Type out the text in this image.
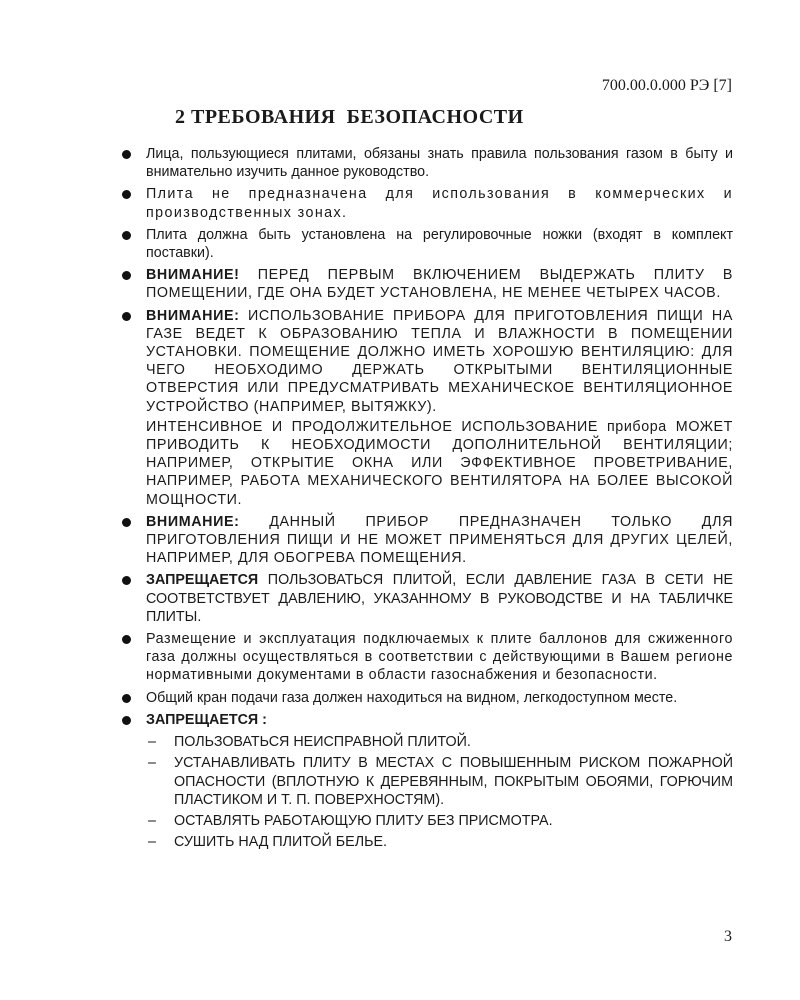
700.00.0.000 РЭ [7]
2 ТРЕБОВАНИЯ  БЕЗОПАСНОСТИ
Лица, пользующиеся плитами, обязаны знать правила пользования газом в быту и внимательно изучить данное руководство.
Плита не предназначена для использования в коммерческих и производственных зонах.
Плита должна быть установлена на регулировочные ножки (входят в комплект поставки).
ВНИМАНИЕ! ПЕРЕД ПЕРВЫМ ВКЛЮЧЕНИЕМ ВЫДЕРЖАТЬ ПЛИТУ В ПОМЕЩЕНИИ, ГДЕ ОНА БУДЕТ УСТАНОВЛЕНА, НЕ МЕНЕЕ ЧЕТЫРЕХ ЧАСОВ.
ВНИМАНИЕ: ИСПОЛЬЗОВАНИЕ ПРИБОРА ДЛЯ ПРИГОТОВЛЕНИЯ ПИЩИ НА ГАЗЕ ВЕДЕТ К ОБРАЗОВАНИЮ ТЕПЛА И ВЛАЖНОСТИ В ПОМЕЩЕНИИ УСТАНОВКИ. ПОМЕЩЕНИЕ ДОЛЖНО ИМЕТЬ ХОРОШУЮ ВЕНТИЛЯЦИЮ: ДЛЯ ЧЕГО НЕОБХОДИМО ДЕРЖАТЬ ОТКРЫТЫМИ ВЕНТИЛЯЦИОННЫЕ ОТВЕРСТИЯ ИЛИ ПРЕДУСМАТРИВАТЬ МЕХАНИЧЕСКОЕ ВЕНТИЛЯЦИОННОЕ УСТРОЙСТВО (НАПРИМЕР, ВЫТЯЖКУ).
ИНТЕНСИВНОЕ И ПРОДОЛЖИТЕЛЬНОЕ ИСПОЛЬЗОВАНИЕ прибора МОЖЕТ ПРИВОДИТЬ К НЕОБХОДИМОСТИ ДОПОЛНИТЕЛЬНОЙ ВЕНТИЛЯЦИИ; НАПРИМЕР, ОТКРЫТИЕ ОКНА ИЛИ ЭФФЕКТИВНОЕ ПРОВЕТРИВАНИЕ, НАПРИМЕР, РАБОТА МЕХАНИЧЕСКОГО ВЕНТИЛЯТОРА НА БОЛЕЕ ВЫСОКОЙ МОЩНОСТИ.
ВНИМАНИЕ: ДАННЫЙ ПРИБОР ПРЕДНАЗНАЧЕН ТОЛЬКО ДЛЯ ПРИГОТОВЛЕНИЯ ПИЩИ И НЕ МОЖЕТ ПРИМЕНЯТЬСЯ ДЛЯ ДРУГИХ ЦЕЛЕЙ, НАПРИМЕР, ДЛЯ ОБОГРЕВА ПОМЕЩЕНИЯ.
ЗАПРЕЩАЕТСЯ ПОЛЬЗОВАТЬСЯ ПЛИТОЙ, ЕСЛИ ДАВЛЕНИЕ ГАЗА В СЕТИ НЕ СООТВЕТСТВУЕТ ДАВЛЕНИЮ, УКАЗАННОМУ В РУКОВОДСТВЕ И НА ТАБЛИЧКЕ ПЛИТЫ.
Размещение и эксплуатация подключаемых к плите баллонов для сжиженного газа должны осуществляться в соответствии с действующими в Вашем регионе нормативными документами в области газоснабжения и безопасности.
Общий кран подачи газа должен находиться на видном, легкодоступном месте.
ЗАПРЕЩАЕТСЯ :
– ПОЛЬЗОВАТЬСЯ НЕИСПРАВНОЙ ПЛИТОЙ.
– УСТАНАВЛИВАТЬ ПЛИТУ В МЕСТАХ С ПОВЫШЕННЫМ РИСКОМ ПОЖАРНОЙ ОПАСНОСТИ (ВПЛОТНУЮ К ДЕРЕВЯННЫМ, ПОКРЫТЫМ ОБОЯМИ, ГОРЮЧИМ ПЛАСТИКОМ И Т. П. ПОВЕРХНОСТЯМ).
– ОСТАВЛЯТЬ РАБОТАЮЩУЮ ПЛИТУ БЕЗ ПРИСМОТРА.
– СУШИТЬ НАД ПЛИТОЙ БЕЛЬЕ.
3
